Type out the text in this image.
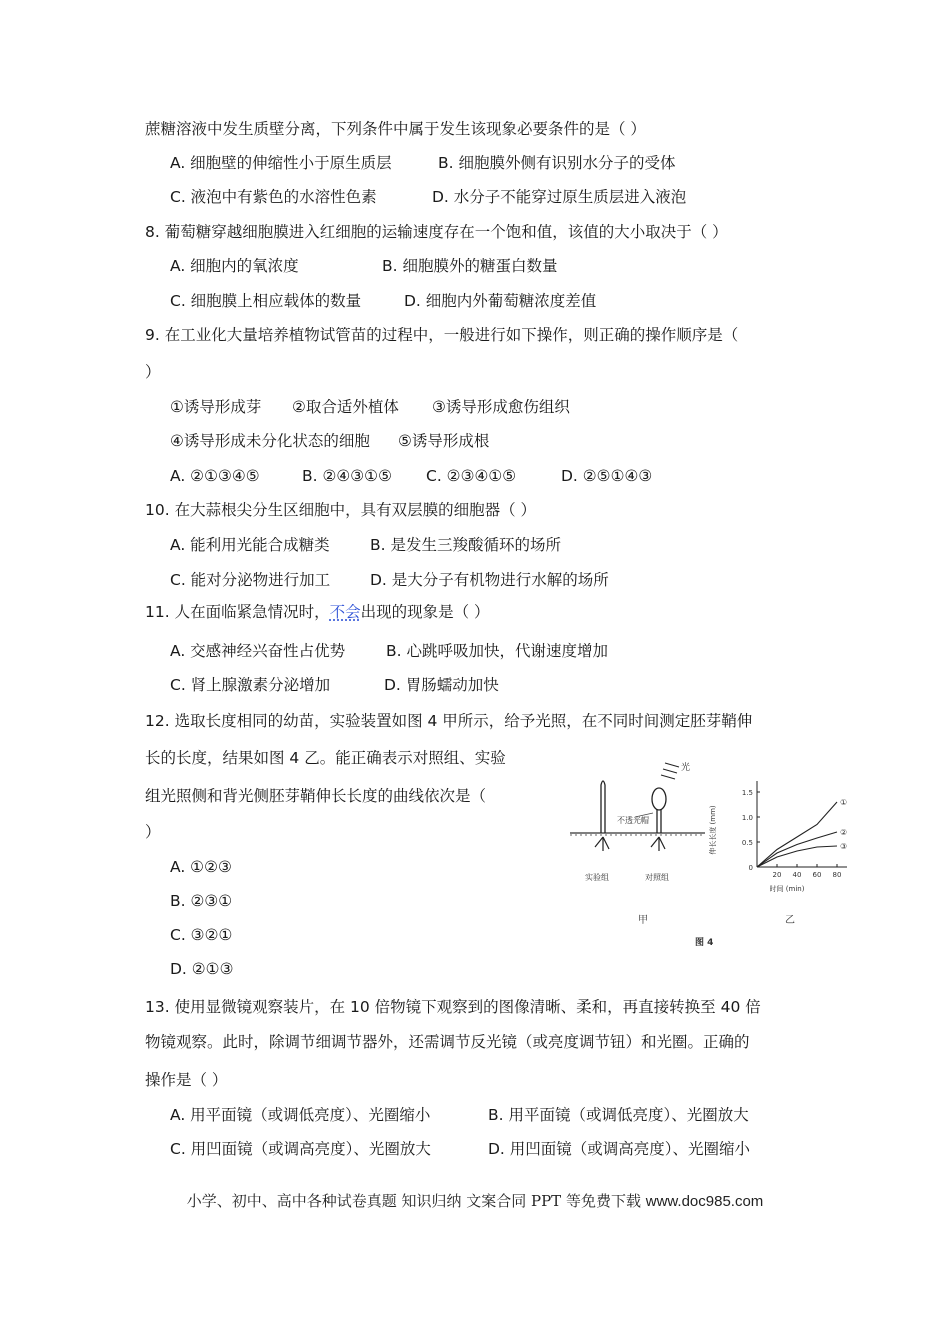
蔗糖溶液中发生质壁分离，下列条件中属于发生该现象必要条件的是（ ）
A. 细胞壁的伸缩性小于原生质层	B. 细胞膜外侧有识别水分子的受体
C. 液泡中有紫色的水溶性色素	D. 水分子不能穿过原生质层进入液泡
8. 葡萄糖穿越细胞膜进入红细胞的运输速度存在一个饱和值，该值的大小取决于（ ）
A. 细胞内的氧浓度	B. 细胞膜外的糖蛋白数量
C. 细胞膜上相应载体的数量	D. 细胞内外葡萄糖浓度差值
9. 在工业化大量培养植物试管苗的过程中，一般进行如下操作，则正确的操作顺序是（
）
①诱导形成芽 ②取合适外植体 ③诱导形成愈伤组织
④诱导形成未分化状态的细胞 ⑤诱导形成根
A. ②①③④⑤	B. ②④③①⑤ C. ②③④①⑤	D. ②⑤①④③
10. 在大蒜根尖分生区细胞中，具有双层膜的细胞器（ ）
A. 能利用光能合成糖类	B. 是发生三羧酸循环的场所
C. 能对分泌物进行加工	D. 是大分子有机物进行水解的场所
11. 人在面临紧急情况时，不会出现的现象是（ ）
A. 交感神经兴奋性占优势	B. 心跳呼吸加快，代谢速度增加
C. 肾上腺激素分泌增加	D. 胃肠蠕动加快
12. 选取长度相同的幼苗，实验装置如图 4 甲所示，给予光照，在不同时间测定胚芽鞘伸
长的长度，结果如图 4 乙。能正确表示对照组、实验
组光照侧和背光侧胚芽鞘伸长长度的曲线依次是（
）
A. ①②③
B. ②③①
C. ③②①
D. ②①③
不透光帽
光
实验组	对照组
甲
伸长长度 (mm)
时间 (min)
20 40 60 80
0
0.5
1.0
1.5
①
②
③
乙
图 4
13. 使用显微镜观察装片，在 10 倍物镜下观察到的图像清晰、柔和，再直接转换至 40 倍
物镜观察。此时，除调节细调节器外，还需调节反光镜（或亮度调节钮）和光圈。正确的
操作是（ ）
A. 用平面镜（或调低亮度）、光圈缩小	B. 用平面镜（或调低亮度）、光圈放大
C. 用凹面镜（或调高亮度）、光圈放大	D. 用凹面镜（或调高亮度）、光圈缩小
小学、初中、高中各种试卷真题 知识归纳 文案合同 PPT 等免费下载 www.doc985.com
